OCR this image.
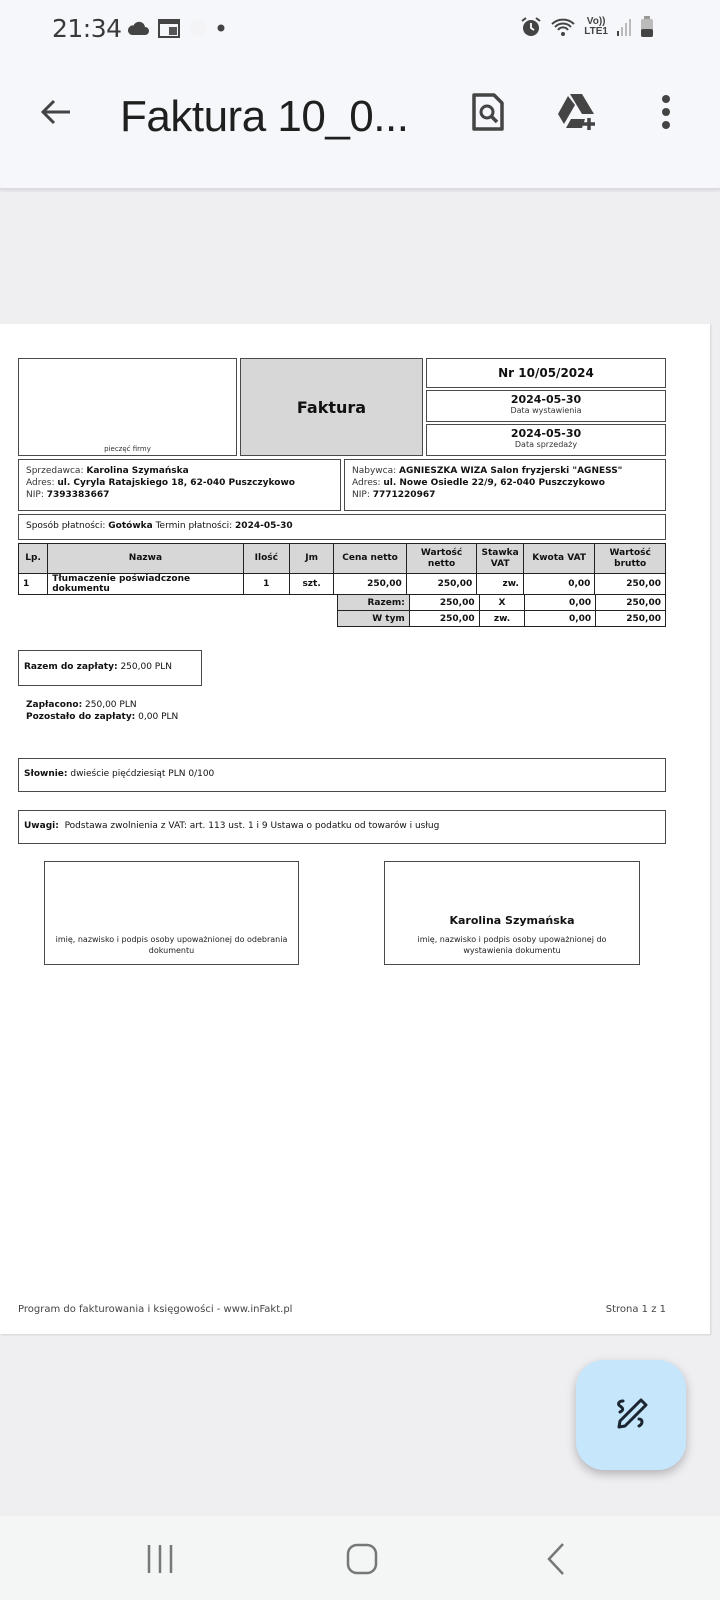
21:34	Vo))
LTE1
Faktura 10_0...
pieczęć firmy
Faktura
Nr 10/05/2024
2024-05-30
Data wystawienia
2024-05-30
Data sprzedaży
Sprzedawca: Karolina Szymańska
Adres: ul. Cyryla Ratajskiego 18, 62-040 Puszczykowo
NIP: 7393383667
Nabywca: AGNIESZKA WIZA Salon fryzjerski "AGNESS"
Adres: ul. Nowe Osiedle 22/9, 62-040 Puszczykowo
NIP: 7771220967
Sposób płatności: Gotówka Termin płatności: 2024-05-30
Lp.	Nazwa	Ilość	Jm	Cena netto	Wartość netto	Stawka VAT	Kwota VAT	Wartość brutto
1	Tłumaczenie poświadczone dokumentu	1	szt.	250,00	250,00	zw.	0,00	250,00
Razem:	250,00	X	0,00	250,00
W tym	250,00	zw.	0,00	250,00
Razem do zapłaty: 250,00 PLN
Zapłacono: 250,00 PLN
Pozostało do zapłaty: 0,00 PLN
Słownie: dwieście pięćdziesiąt PLN 0/100
Uwagi: Podstawa zwolnienia z VAT: art. 113 ust. 1 i 9 Ustawa o podatku od towarów i usług
imię, nazwisko i podpis osoby upoważnionej do odebrania dokumentu
Karolina Szymańska
imię, nazwisko i podpis osoby upoważnionej do wystawienia dokumentu
Program do fakturowania i księgowości - www.inFakt.pl	Strona 1 z 1
